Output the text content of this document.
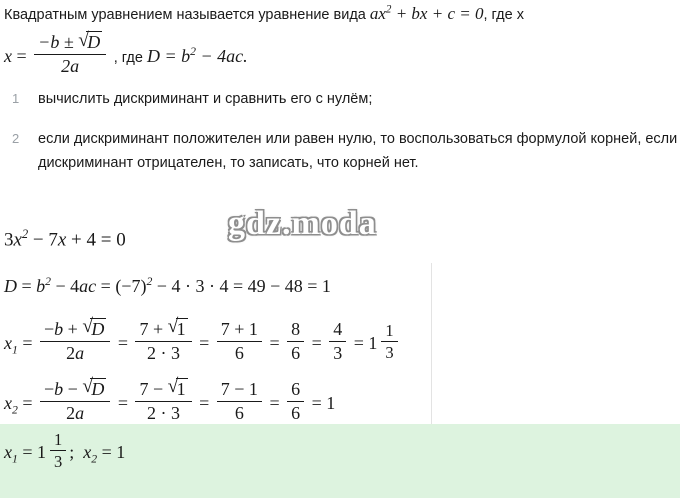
Квадратным уравнением называется уравнение вида $ax^2$ + bx + c = 0, где x
$x = \frac{-b \pm √ D}{2a}$ , где $D = b^2 - 4ac$.
вычислить дискриминант и сравнить его с нулём;
если дискриминант положителен или равен нулю, то воспользоваться формулой корней, если дискриминант отрицателен, то записать, что корней нет.
gdz.moda
$3x^2 - 7x + 4 = 0$
$D = b^2 - 4ac = (-7)^2 - 4 \cdot 3 \cdot 4 = 49 - 48 = 1$
$x_1 = \frac{-b + √ D}{2a} = \frac{7 + √ 1}{2 \cdot 3} = \frac{7 + 1}{6} = \frac{8}{6} = \frac{4}{3} = 1 \frac{1}{3}$
$x_2 = \frac{-b - √ D}{2a} = \frac{7 - √ 1}{2 \cdot 3} = \frac{7 - 1}{6} = \frac{6}{6} = 1$
$x_1 = 1 \frac{1}{3}$ ; $x_2 = 1$
